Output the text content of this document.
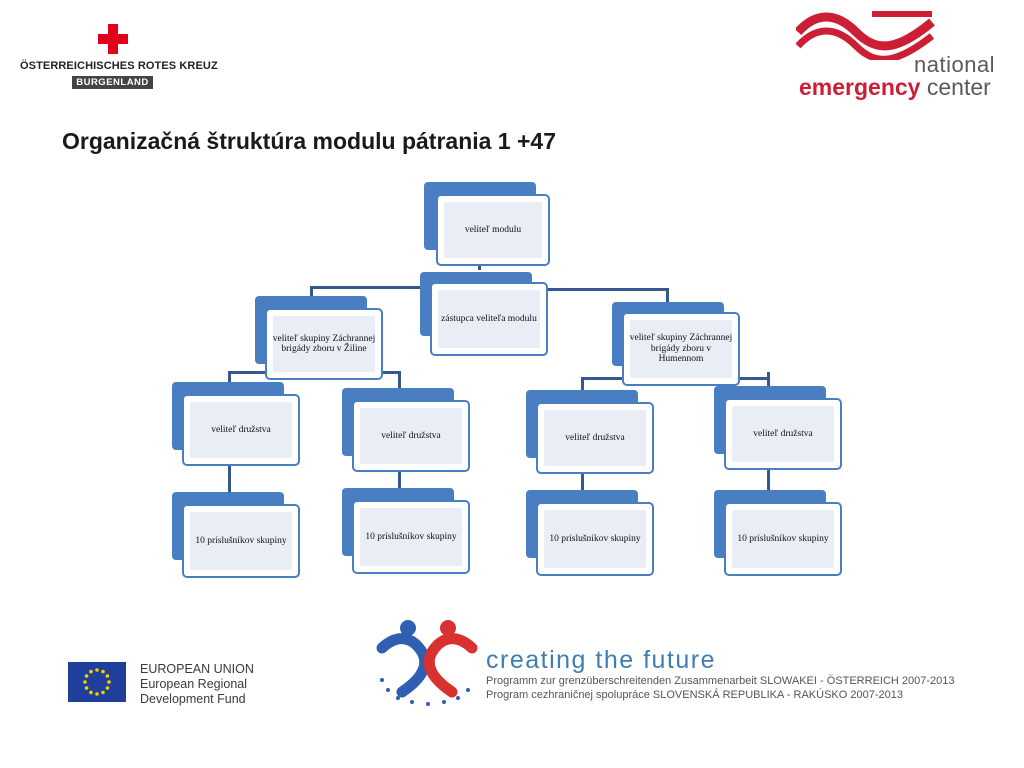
ÖSTERREICHISCHES ROTES KREUZ
BURGENLAND
national
emergency center
Organizačná štruktúra modulu pátrania 1 +47
veliteľ modulu
zástupca veliteľa modulu
veliteľ skupiny Záchrannej brigády zboru v Žiline
veliteľ skupiny Záchrannej brigády zboru v Humennom
veliteľ družstva
veliteľ družstva	veliteľ družstva	veliteľ družstva
10 príslušníkov skupiny	10 príslušníkov skupiny	10 príslušníkov skupiny	10 príslušníkov skupiny
EUROPEAN UNION
European Regional
Development Fund
creating the future
Programm zur grenzüberschreitenden Zusammenarbeit SLOWAKEI - ÖSTERREICH 2007-2013
Program cezhraničnej spolupráce SLOVENSKÁ REPUBLIKA - RAKÚSKO 2007-2013
